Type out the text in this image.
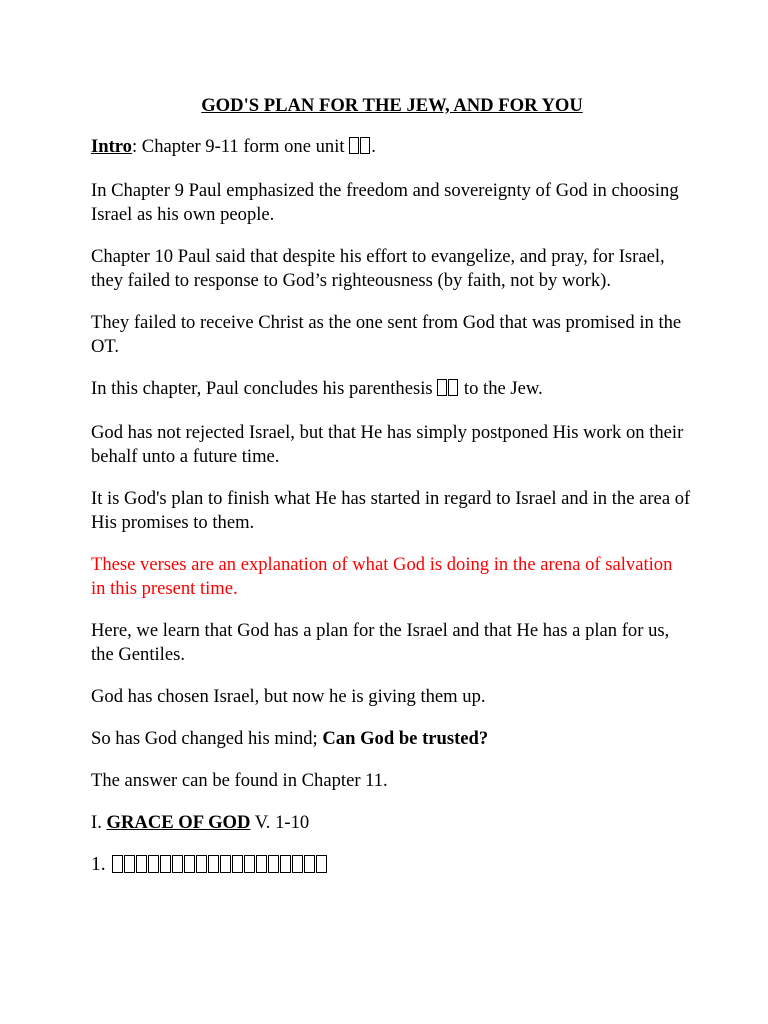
GOD'S PLAN FOR THE JEW, AND FOR YOU

Intro: Chapter 9-11 form one unit .

In Chapter 9 Paul emphasized the freedom and sovereignty of God in choosing Israel as his own people.

Chapter 10 Paul said that despite his effort to evangelize, and pray, for Israel, they failed to response to God’s righteousness (by faith, not by work).

They failed to receive Christ as the one sent from God that was promised in the OT.

In this chapter, Paul concludes his parenthesis  to the Jew.

God has not rejected Israel, but that He has simply postponed His work on their behalf unto a future time.

It is God's plan to finish what He has started in regard to Israel and in the area of His promises to them.

These verses are an explanation of what God is doing in the arena of salvation in this present time.

Here, we learn that God has a plan for the Israel and that He has a plan for us, the Gentiles.

God has chosen Israel, but now he is giving them up.

So has God changed his mind; Can God be trusted?

The answer can be found in Chapter 11.

I. GRACE OF GOD V. 1-10

1.
